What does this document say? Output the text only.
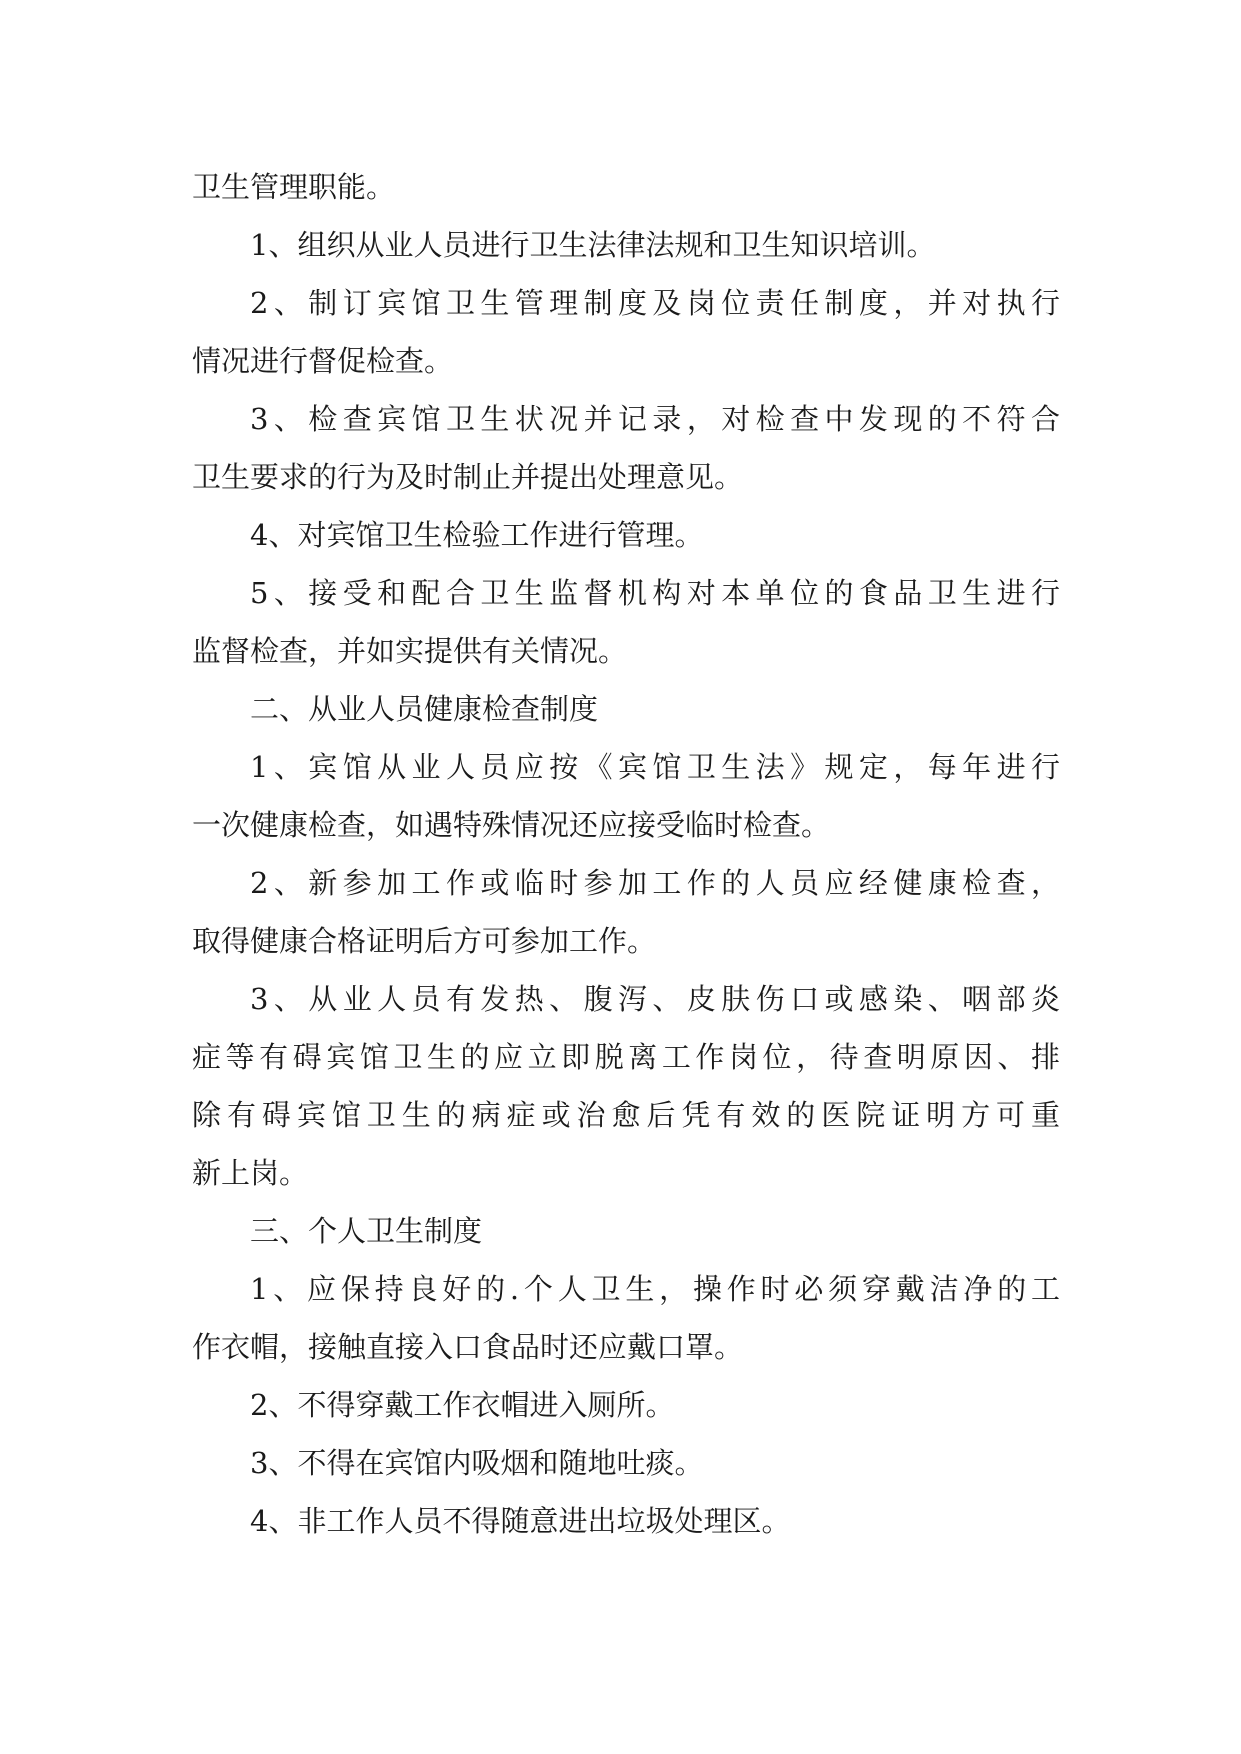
卫生管理职能。
1、组织从业人员进行卫生法律法规和卫生知识培训。
2、制订宾馆卫生管理制度及岗位责任制度，并对执行
情况进行督促检查。
3、检查宾馆卫生状况并记录，对检查中发现的不符合
卫生要求的行为及时制止并提出处理意见。
4、对宾馆卫生检验工作进行管理。
5、接受和配合卫生监督机构对本单位的食品卫生进行
监督检查，并如实提供有关情况。
二、从业人员健康检查制度
1、宾馆从业人员应按《宾馆卫生法》规定，每年进行
一次健康检查，如遇特殊情况还应接受临时检查。
2、新参加工作或临时参加工作的人员应经健康检查，
取得健康合格证明后方可参加工作。
3、从业人员有发热、腹泻、皮肤伤口或感染、咽部炎
症等有碍宾馆卫生的应立即脱离工作岗位，待查明原因、排
除有碍宾馆卫生的病症或治愈后凭有效的医院证明方可重
新上岗。
三、个人卫生制度
1、应保持良好的.个人卫生，操作时必须穿戴洁净的工
作衣帽，接触直接入口食品时还应戴口罩。
2、不得穿戴工作衣帽进入厕所。
3、不得在宾馆内吸烟和随地吐痰。
4、非工作人员不得随意进出垃圾处理区。
